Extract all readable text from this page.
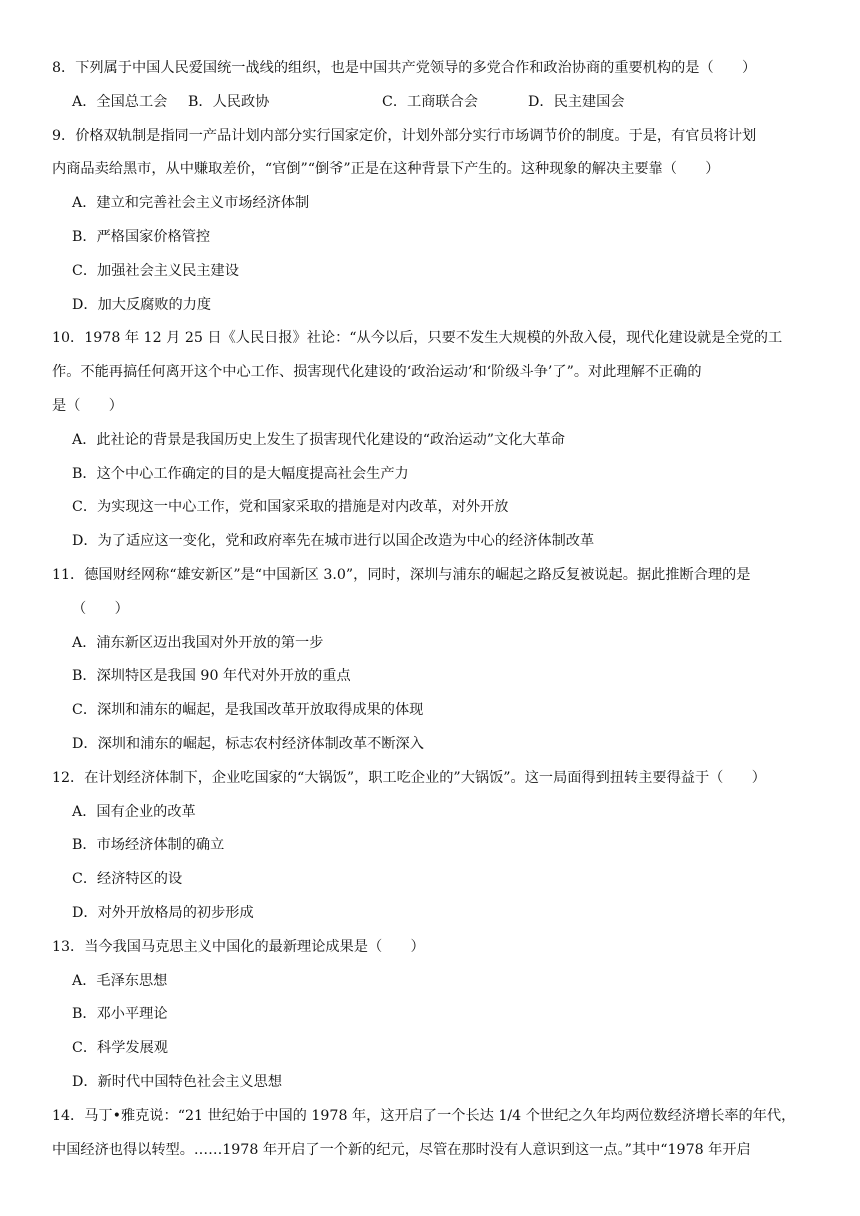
8．下列属于中国人民爱国统一战线的组织，也是中国共产党领导的多党合作和政治协商的重要机构的是（　　）
A．全国总工会	B．人民政协	C．工商联合会	D．民主建国会
9．价格双轨制是指同一产品计划内部分实行国家定价，计划外部分实行市场调节价的制度。于是，有官员将计划
内商品卖给黑市，从中赚取差价，“官倒”“倒爷”正是在这种背景下产生的。这种现象的解决主要靠（　　）
A．建立和完善社会主义市场经济体制
B．严格国家价格管控
C．加强社会主义民主建设
D．加大反腐败的力度
10．1978 年 12 月 25 日《人民日报》社论：“从今以后，只要不发生大规模的外敌入侵，现代化建设就是全党的工
作。不能再搞任何离开这个中心工作、损害现代化建设的‘政治运动’和‘阶级斗争’了”。对此理解不正确的
是（　　）
A．此社论的背景是我国历史上发生了损害现代化建设的“政治运动”文化大革命
B．这个中心工作确定的目的是大幅度提高社会生产力
C．为实现这一中心工作，党和国家采取的措施是对内改革，对外开放
D．为了适应这一变化，党和政府率先在城市进行以国企改造为中心的经济体制改革
11．德国财经网称“雄安新区”是“中国新区 3.0”，同时，深圳与浦东的崛起之路反复被说起。据此推断合理的是
（　　）
A．浦东新区迈出我国对外开放的第一步
B．深圳特区是我国 90 年代对外开放的重点
C．深圳和浦东的崛起，是我国改革开放取得成果的体现
D．深圳和浦东的崛起，标志农村经济体制改革不断深入
12．在计划经济体制下，企业吃国家的“大锅饭”，职工吃企业的”大锅饭”。这一局面得到扭转主要得益于（　　）
A．国有企业的改革
B．市场经济体制的确立
C．经济特区的设
D．对外开放格局的初步形成
13．当今我国马克思主义中国化的最新理论成果是（　　）
A．毛泽东思想
B．邓小平理论
C．科学发展观
D．新时代中国特色社会主义思想
14．马丁•雅克说：“21 世纪始于中国的 1978 年，这开启了一个长达 1/4 个世纪之久年均两位数经济增长率的年代，
中国经济也得以转型。……1978 年开启了一个新的纪元，尽管在那时没有人意识到这一点。”其中“1978 年开启
